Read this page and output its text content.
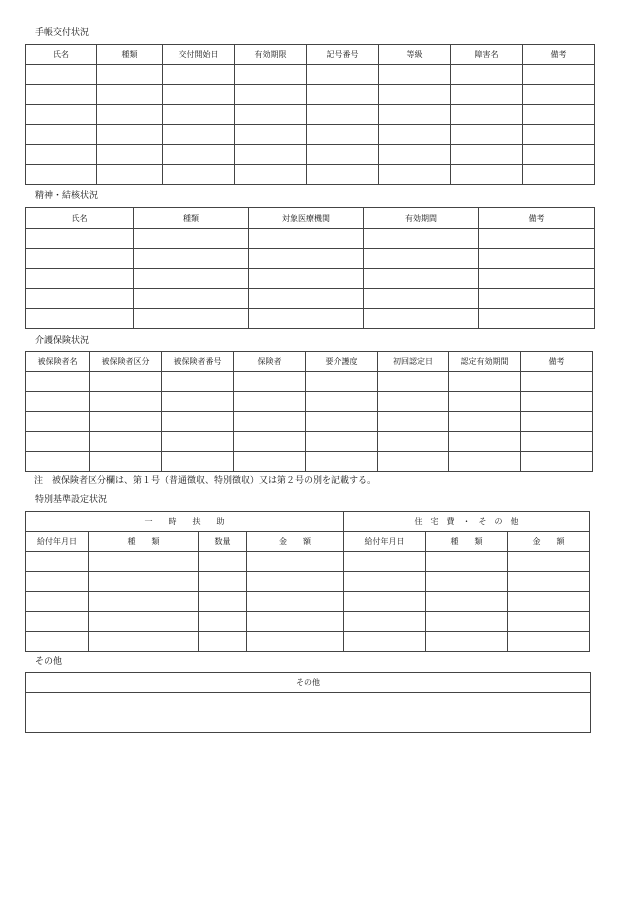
手帳交付状況
氏名	種類	交付開始日	有効期限	記号番号	等級	障害名	備考

精神・結核状況
氏名	種類	対象医療機関	有効期間	備考

介護保険状況
被保険者名	被保険者区分	被保険者番号	保険者	要介護度	初回認定日	認定有効期間	備考

注　被保険者区分欄は、第１号（普通徴収、特別徴収）又は第２号の別を記載する。
特別基準設定状況
一　　時　　扶　　助				住　宅　費　・　そ　の　他		
給付年月日	種　　類	数量	金　　額	給付年月日	種　　類	金　　額

その他
その他
